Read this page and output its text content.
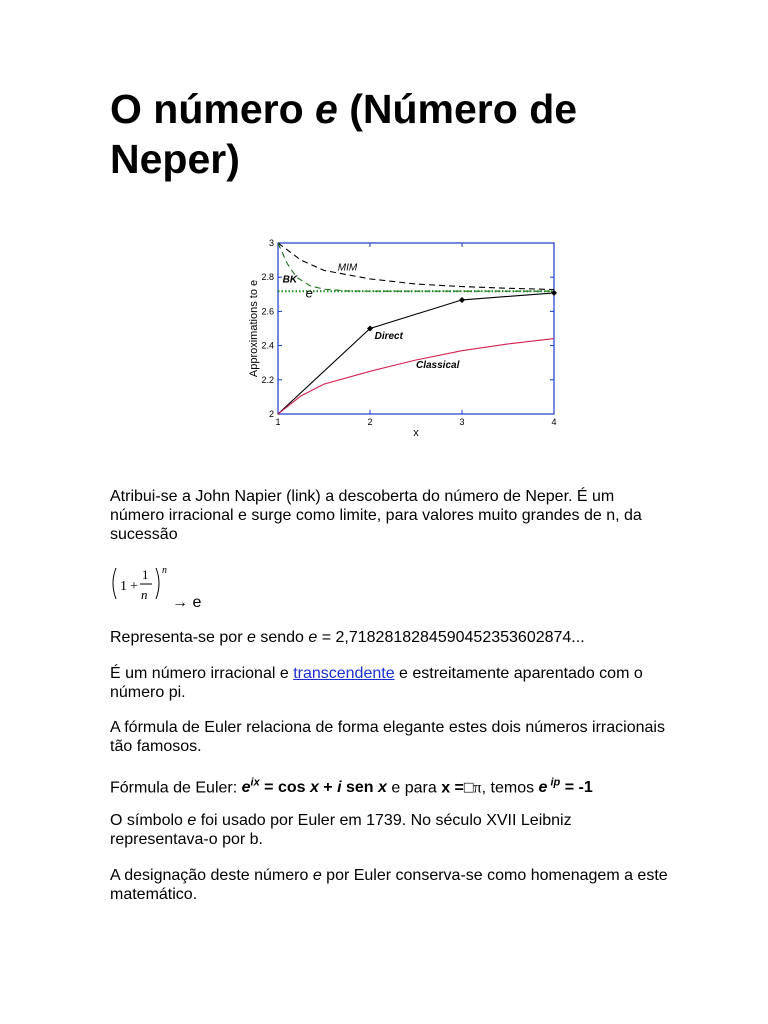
O número e (Número de Neper)
2
2.2
2.4
2.6
2.8
3
1	2	3	4
x
Approximations to e
MIM
BK
e
Direct
Classical

Atribui-se a John Napier (link) a descoberta do número de Neper. É um número irracional e surge como limite, para valores muito grandes de n, da sucessão

1 +
1
n
n
→ e

Representa-se por e sendo e = 2,7182818284590452353602874...

É um número irracional e transcendente e estreitamente aparentado com o número pi.

A fórmula de Euler relaciona de forma elegante estes dois números irracionais tão famosos.

Fórmula de Euler: $e^{ix} = \cos x + i$ sen x e para x =□π, temos e $^{ip}$ = -1

O símbolo e foi usado por Euler em 1739. No século XVII Leibniz representava-o por b.

A designação deste número e por Euler conserva-se como homenagem a este matemático.
